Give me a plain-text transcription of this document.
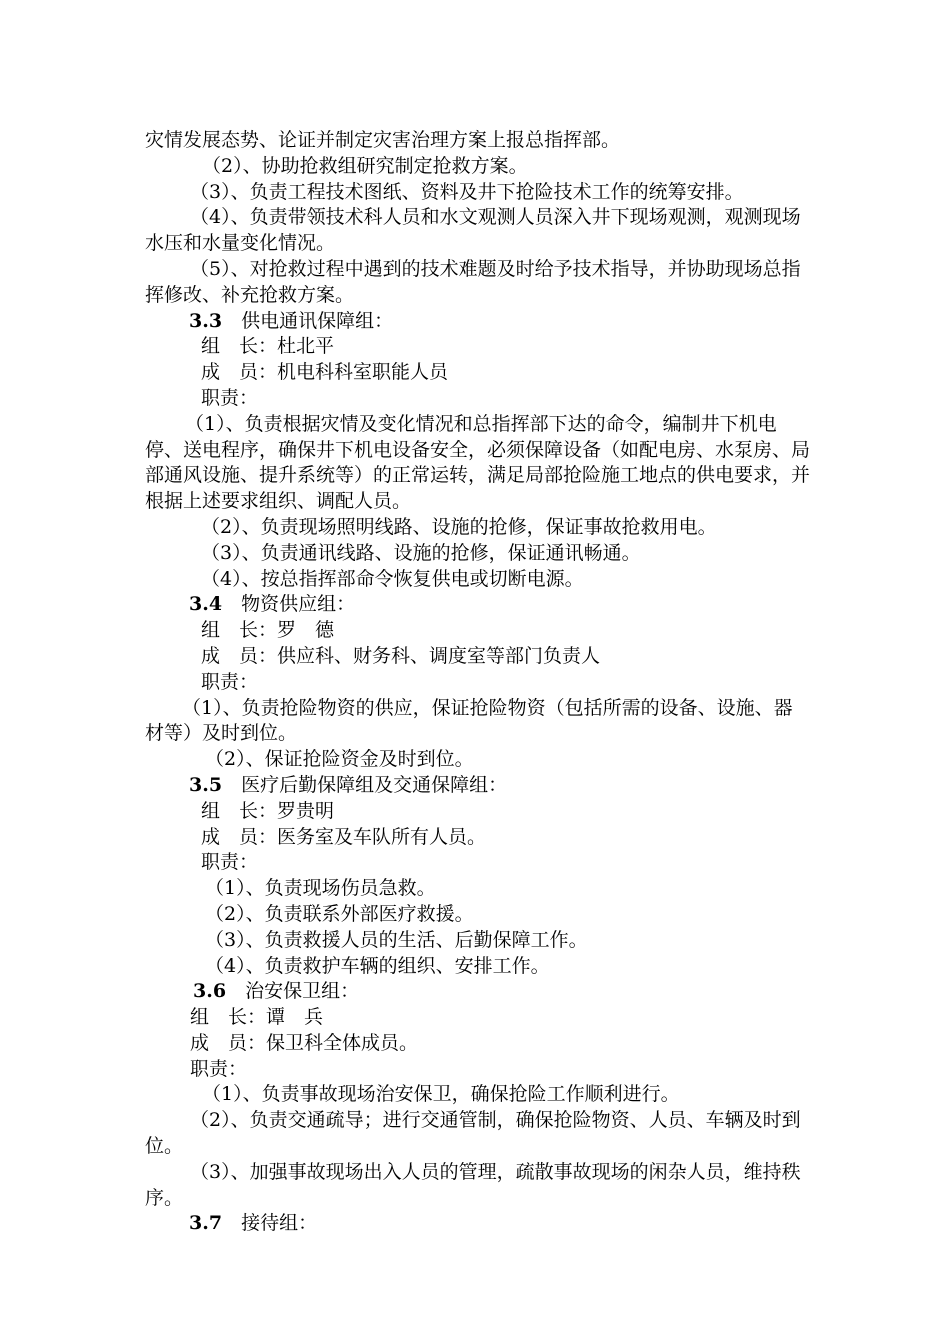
灾情发展态势、论证并制定灾害治理方案上报总指挥部。

（2）、协助抢救组研究制定抢救方案。

（3）、负责工程技术图纸、资料及井下抢险技术工作的统筹安排。

（4）、负责带领技术科人员和水文观测人员深入井下现场观测，观测现场水压和水量变化情况。

（5）、对抢救过程中遇到的技术难题及时给予技术指导，并协助现场总指挥修改、补充抢救方案。

3.3　 供电通讯保障组：

组　长：杜北平

成　员：机电科科室职能人员

职责：

（1）、负责根据灾情及变化情况和总指挥部下达的命令，编制井下机电停、送电程序，确保井下机电设备安全，必须保障设备（如配电房、水泵房、局部通风设施、提升系统等）的正常运转，满足局部抢险施工地点的供电要求，并根据上述要求组织、调配人员。

（2）、负责现场照明线路、设施的抢修，保证事故抢救用电。

（3）、负责通讯线路、设施的抢修，保证通讯畅通。

（4）、按总指挥部命令恢复供电或切断电源。

3.4　 物资供应组：

组　长：罗　德

成　员：供应科、财务科、调度室等部门负责人

职责：

（1）、负责抢险物资的供应，保证抢险物资（包括所需的设备、设施、器材等）及时到位。

（2）、保证抢险资金及时到位。

3.5　 医疗后勤保障组及交通保障组：

组　长：罗贵明

成　员：医务室及车队所有人员。

职责：

（1）、负责现场伤员急救。

（2）、负责联系外部医疗救援。

（3）、负责救援人员的生活、后勤保障工作。

（4）、负责救护车辆的组织、安排工作。

3.6　 治安保卫组：

组　长：谭　兵

成　员：保卫科全体成员。

职责：

（1）、负责事故现场治安保卫，确保抢险工作顺利进行。

（2）、负责交通疏导；进行交通管制，确保抢险物资、人员、车辆及时到位。

（3）、加强事故现场出入人员的管理，疏散事故现场的闲杂人员，维持秩序。

3.7　 接待组：
